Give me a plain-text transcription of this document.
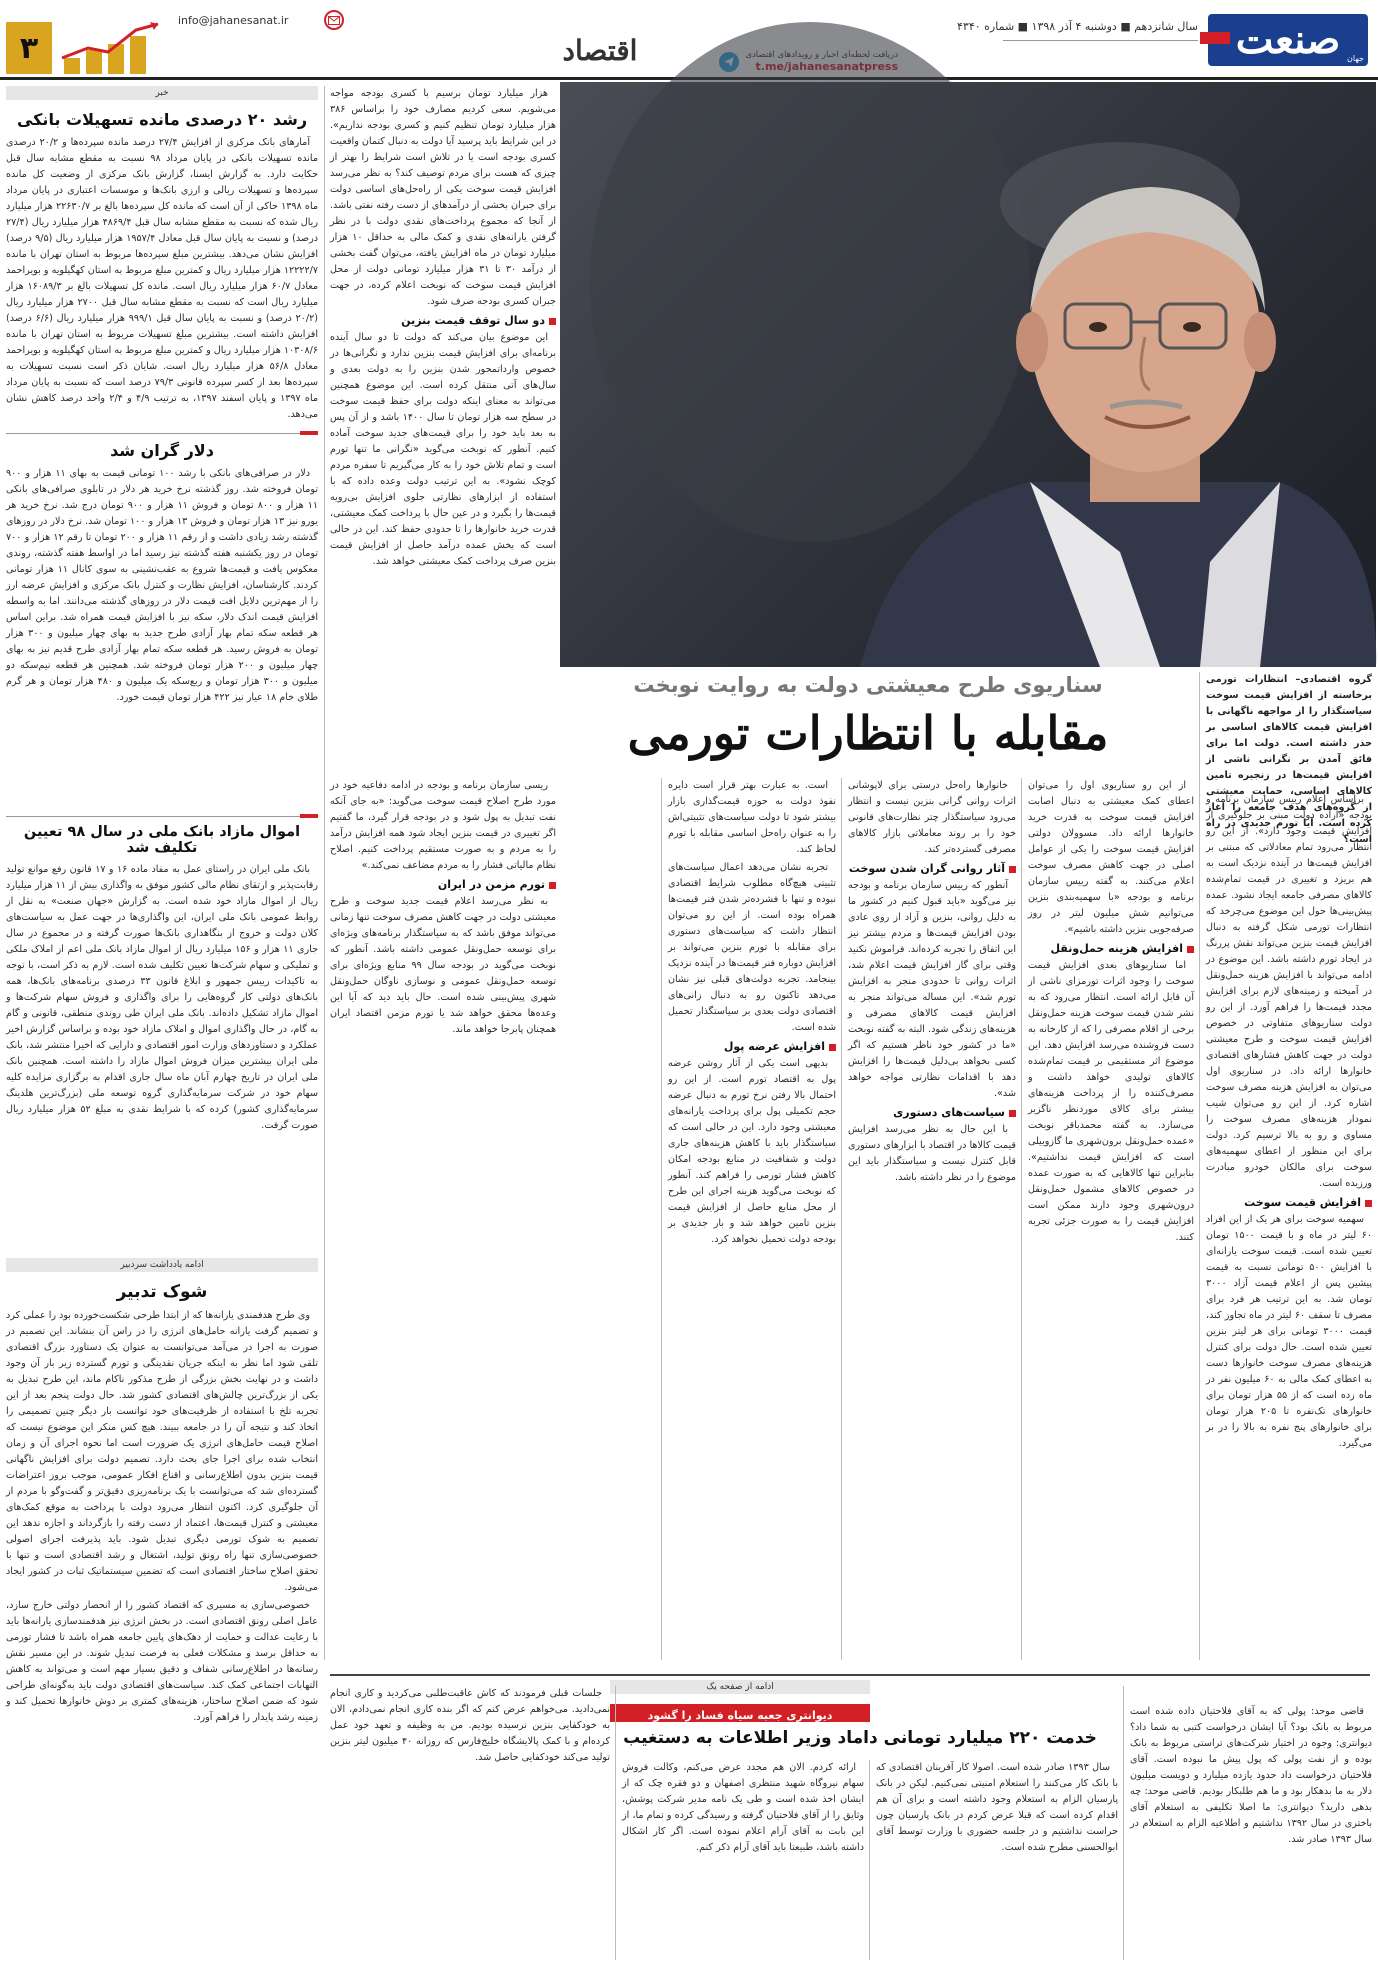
صنعت جهان
سال شانزدهم ■ دوشنبه ۴ آذر ۱۳۹۸ ■ شماره ۴۳۴۰
اقتصاد
info@jahanesanat.ir
۳
سناریوی طرح معیشتی دولت به روایت نوبخت
مقابله با انتظارات تورمی

گروه اقتصادی– انتظارات تورمی برخاسته از افزایش قیمت سوخت سیاستگذار را از مواجهه ناگهانی با افزایش قیمت کالاهای اساسی بر حذر داشته است. دولت اما برای فائق آمدن بر نگرانی ناشی از افزایش قیمت‌ها در زنجیره تامین کالاهای اساسی، حمایت معیشتی از گروه‌های هدف جامعه را آغاز کرده است. آیا تورم جدیدی در راه است؟

براساس اعلام رییس سازمان برنامه و بودجه «اراده دولت مبنی بر جلوگیری از افزایش قیمت وجود دارد». از این رو انتظار می‌رود تمام معادلاتی که مبتنی بر افزایش قیمت‌ها در آینده نزدیک است به هم بریزد و تغییری در قیمت تمام‌شده کالاهای مصرفی جامعه ایجاد نشود. عمده پیش‌بینی‌ها حول این موضوع می‌چرخد که انتظارات تورمی شکل گرفته به دنبال افزایش قیمت بنزین می‌تواند نقش پررنگ در ایجاد تورم داشته باشد. این موضوع در ادامه می‌تواند با افزایش هزینه حمل‌ونقل در آمیخته و زمینه‌های لازم برای افزایش مجدد قیمت‌ها را فراهم آورد. از این رو دولت سناریوهای متفاوتی در خصوص افزایش قیمت سوخت و طرح معیشتی دولت در جهت کاهش فشارهای اقتصادی خانوارها ارائه داد. در سناریوی اول می‌توان به افزایش هزینه مصرف سوخت اشاره کرد. از این رو می‌توان شیب نمودار هزینه‌های مصرف سوخت را مساوی و رو به بالا ترسیم کرد. دولت برای این منظور از اعطای سهمیه‌های سوخت برای مالکان خودرو مبادرت ورزیده است.

افزایش قیمت سوخت

سهمیه سوخت برای هر یک از این افراد ۶۰ لیتر در ماه و با قیمت ۱۵۰۰ تومان تعیین شده است. قیمت سوخت یارانه‌ای با افزایش ۵۰۰ تومانی نسبت به قیمت پیشین پس از اعلام قیمت آزاد ۳۰۰۰ تومان شد. به این ترتیب هر فرد برای مصرف تا سقف ۶۰ لیتر در ماه تجاوز کند، قیمت ۳۰۰۰ تومانی برای هر لیتر بنزین تعیین شده است. حال دولت برای کنترل هزینه‌های مصرف سوخت خانوارها دست به اعطای کمک مالی به ۶۰ میلیون نفر در ماه زده است که از ۵۵ هزار تومان برای خانوارهای تک‌نفره تا ۲۰۵ هزار تومان برای خانوارهای پنج نفره به بالا را در بر می‌گیرد.

از این رو سناریوی اول را می‌توان اعطای کمک معیشتی به دنبال اصابت افزایش قیمت سوخت به قدرت خرید خانوارها ارائه داد. مسوولان دولتی افزایش قیمت سوخت را یکی از عوامل اصلی در جهت کاهش مصرف سوخت اعلام می‌کنند. به گفته رییس سازمان برنامه و بودجه «با سهمیه‌بندی بنزین می‌توانیم شش میلیون لیتر در روز صرفه‌جویی بنزین داشته باشیم».

افزایش هزینه حمل‌ونقل

اما سناریوهای بعدی افزایش قیمت سوخت را وجود اثرات تورمزای ناشی از آن قابل ارائه است. انتظار می‌رود که به نشر شدن قیمت سوخت هزینه حمل‌ونقل برخی از اقلام مصرفی را که از کارخانه به دست فروشنده می‌رسد افزایش دهد. این موضوع اثر مستقیمی بر قیمت تمام‌شده کالاهای تولیدی خواهد داشت و مصرف‌کننده را از پرداخت هزینه‌های بیشتر برای کالای موردنظر ناگزیر می‌سازد. به گفته محمدباقر نوبخت «عمده حمل‌ونقل برون‌شهری ما گازوییلی است که افزایش قیمت نداشتیم». بنابراین تنها کالاهایی که به صورت عمده در خصوص کالاهای مشمول حمل‌ونقل درون‌شهری وجود دارند ممکن است افزایش قیمت را به صورت جزئی تجربه کنند.

خانوارها راه‌حل درستی برای لاپوشانی اثرات روانی گرانی بنزین نیست و انتظار می‌رود سیاستگذار چتر نظارت‌های قانونی خود را بر روند معاملاتی بازار کالاهای مصرفی گسترده‌تر کند.

آثار روانی گران شدن سوخت

آنطور که رییس سازمان برنامه و بودجه نیز می‌گوید «باید قبول کنیم در کشور ما به دلیل روانی، بنزین و آزاد از روی عادی بودن افزایش قیمت‌ها و مردم بیشتر نیز این اتفاق را تجربه کرده‌اند. فراموش نکنید وقتی برای گاز افزایش قیمت اعلام شد، اثرات روانی تا حدودی منجر به افزایش تورم شد». این مساله می‌تواند منجر به افزایش قیمت کالاهای مصرفی و هزینه‌های زندگی شود. البته به گفته نوبخت «ما در کشور خود ناظر هستیم که اگر کسی بخواهد بی‌دلیل قیمت‌ها را افزایش دهد با اقدامات نظارتی مواجه خواهد شد».

سیاست‌های دستوری

با این حال به نظر می‌رسد افزایش قیمت کالاها در اقتصاد با ابزارهای دستوری قابل کنترل نیست و سیاستگذار باید این موضوع را در نظر داشته باشد.

است. به عبارت بهتر قرار است دایره نفوذ دولت به حوزه قیمت‌گذاری بازار بیشتر شود تا دولت سیاست‌های تثبیتی‌اش را به عنوان راه‌حل اساسی مقابله با تورم لحاظ کند.

تجربه نشان می‌دهد اعمال سیاست‌های تثبیتی هیچ‌گاه مطلوب شرایط اقتصادی نبوده و تنها با فشرده‌تر شدن فنر قیمت‌ها همراه بوده است. از این رو می‌توان انتظار داشت که سیاست‌های دستوری برای مقابله با تورم بنزین می‌تواند بر افزایش دوباره فنر قیمت‌ها در آینده نزدیک بینجامد. تجربه دولت‌های قبلی نیز نشان می‌دهد تاکنون رو به دنبال زانی‌های اقتصادی دولت بعدی بر سیاستگذار تحمیل شده است.

افزایش عرضه پول

بدیهی است یکی از آثار روشن عرضه پول به اقتصاد تورم است. از این رو احتمال بالا رفتن نرخ تورم به دنبال عرضه حجم تکمیلی پول برای پرداخت یارانه‌های معیشتی وجود دارد. این در حالی است که سیاستگذار باید با کاهش هزینه‌های جاری دولت و شفافیت در منابع بودجه امکان کاهش فشار تورمی را فراهم کند. آنطور که نوبخت می‌گوید هزینه اجرای این طرح از محل منابع حاصل از افزایش قیمت بنزین تامین خواهد شد و بار جدیدی بر بودجه دولت تحمیل نخواهد کرد.

ریسی سازمان برنامه و بودجه در ادامه دفاعیه خود در مورد طرح اصلاح قیمت سوخت می‌گوید: «به جای آنکه نفت تبدیل به پول شود و در بودجه قرار گیرد، ما گفتیم اگر تغییری در قیمت بنزین ایجاد شود همه افزایش درآمد را به مردم و به صورت مستقیم پرداخت کنیم. اصلاح نظام مالیاتی فشار را به مردم مضاعف نمی‌کند.»

تورم مزمن در ایران

به نظر می‌رسد اعلام قیمت جدید سوخت و طرح معیشتی دولت در جهت کاهش مصرف سوخت تنها زمانی می‌تواند موفق باشد که به سیاستگذار برنامه‌های ویژه‌ای برای توسعه حمل‌ونقل عمومی داشته باشد. آنطور که نوبخت می‌گوید در بودجه سال ۹۹ منابع ویژه‌ای برای توسعه حمل‌ونقل عمومی و نوسازی ناوگان حمل‌ونقل شهری پیش‌بینی شده است. حال باید دید که آیا این وعده‌ها محقق خواهد شد یا تورم مزمن اقتصاد ایران همچنان پابرجا خواهد ماند.

هزار میلیارد تومان برسیم با کسری بودجه مواجه می‌شویم. سعی کردیم مصارف خود را براساس ۳۸۶ هزار میلیارد تومان تنظیم کنیم و کسری بودجه نداریم». در این شرایط باید پرسید آیا دولت به دنبال کتمان واقعیت کسری بودجه است یا در تلاش است شرایط را بهتر از چیزی که هست برای مردم توصیف کند؟ به نظر می‌رسد افزایش قیمت سوخت یکی از راه‌حل‌های اساسی دولت برای جبران بخشی از درآمدهای از دست رفته نفتی باشد. از آنجا که مجموع پرداخت‌های نقدی دولت با در نظر گرفتن یارانه‌های نقدی و کمک مالی به حداقل ۱۰ هزار میلیارد تومان در ماه افزایش یافته، می‌توان گفت بخشی از درآمد ۳۰ تا ۳۱ هزار میلیارد تومانی دولت از محل افزایش قیمت سوخت که نوبخت اعلام کرده، در جهت جبران کسری بودجه صرف شود.

دو سال توقف قیمت بنزین

این موضوع بیان می‌کند که دولت تا دو سال آینده برنامه‌ای برای افزایش قیمت بنزین ندارد و نگرانی‌ها در خصوص وارداتمحور شدن بنزین را به دولت بعدی و سال‌های آتی منتقل کرده است. این موضوع همچنین می‌تواند به معنای اینکه دولت برای حفظ قیمت سوخت در سطح سه هزار تومان تا سال ۱۴۰۰ باشد و از آن پس به بعد باید خود را برای قیمت‌های جدید سوخت آماده کنیم. آنطور که نوبخت می‌گوید «نگرانی ما تنها تورم است و تمام تلاش خود را به کار می‌گیریم تا سفره مردم کوچک نشود». به این ترتیب دولت وعده داده که با استفاده از ابزارهای نظارتی جلوی افزایش بی‌رویه قیمت‌ها را بگیرد و در عین حال با پرداخت کمک معیشتی، قدرت خرید خانوارها را تا حدودی حفظ کند. این در حالی است که بخش عمده درآمد حاصل از افزایش قیمت بنزین صرف پرداخت کمک معیشتی خواهد شد.

خبر
رشد ۲۰ درصدی مانده تسهیلات بانکی

آمارهای بانک مرکزی از افزایش ۲۷/۴ درصد مانده سپرده‌ها و ۲۰/۲ درصدی مانده تسهیلات بانکی در پایان مرداد ۹۸ نسبت به مقطع مشابه سال قبل حکایت دارد. به گزارش ایسنا، گزارش بانک مرکزی از وضعیت کل مانده سپرده‌ها و تسهیلات ریالی و ارزی بانک‌ها و موسسات اعتباری در پایان مرداد ماه ۱۳۹۸ حاکی از آن است که مانده کل سپرده‌ها بالغ بر ۲۲۶۳۰/۷ هزار میلیارد ریال شده که نسبت به مقطع مشابه سال قبل ۴۸۶۹/۴ هزار میلیارد ریال (۲۷/۴ درصد) و نسبت به پایان سال قبل معادل ۱۹۵۷/۴ هزار میلیارد ریال (۹/۵ درصد) افزایش نشان می‌دهد. بیشترین مبلغ سپرده‌ها مربوط به استان تهران با مانده ۱۲۲۲۲/۷ هزار میلیارد ریال و کمترین مبلغ مربوط به استان کهگیلویه و بویراحمد معادل ۶۰/۷ هزار میلیارد ریال است. مانده کل تسهیلات بالغ بر ۱۶۰۸۹/۳ هزار میلیارد ریال است که نسبت به مقطع مشابه سال قبل ۲۷۰۰ هزار میلیارد ریال (۲۰/۲ درصد) و نسبت به پایان سال قبل ۹۹۹/۱ هزار میلیارد ریال (۶/۶ درصد) افزایش داشته است. بیشترین مبلغ تسهیلات مربوط به استان تهران با مانده ۱۰۳۰۸/۶ هزار میلیارد ریال و کمترین مبلغ مربوط به استان کهگیلویه و بویراحمد معادل ۵۶/۸ هزار میلیارد ریال است. شایان ذکر است نسبت تسهیلات به سپرده‌ها بعد از کسر سپرده قانونی ۷۹/۳ درصد است که نسبت به پایان مرداد ماه ۱۳۹۷ و پایان اسفند ۱۳۹۷، به ترتیب ۴/۹ و ۲/۴ واحد درصد کاهش نشان می‌دهد.

دلار گران شد

دلار در صرافی‌های بانکی با رشد ۱۰۰ تومانی قیمت به بهای ۱۱ هزار و ۹۰۰ تومان فروخته شد. روز گذشته نرخ خرید هر دلار در تابلوی صرافی‌های بانکی ۱۱ هزار و ۸۰۰ تومان و فروش ۱۱ هزار و ۹۰۰ تومان درج شد. نرخ خرید هر یورو نیز ۱۳ هزار تومان و فروش ۱۳ هزار و ۱۰۰ تومان شد. نرخ دلار در روزهای گذشته رشد زیادی داشت و از رقم ۱۱ هزار و ۲۰۰ تومان تا رقم ۱۲ هزار و ۷۰۰ تومان در روز یکشنبه هفته گذشته نیز رسید اما در اواسط هفته گذشته، روندی معکوس یافت و قیمت‌ها شروع به عقب‌نشینی به سوی کانال ۱۱ هزار تومانی کردند. کارشناسان، افزایش نظارت و کنترل بانک مرکزی و افزایش عرضه ارز را از مهم‌ترین دلایل افت قیمت دلار در روزهای گذشته می‌دانند. اما به واسطه افزایش قیمت اندک دلار، سکه نیز با افزایش قیمت همراه شد. براین اساس هر قطعه سکه تمام بهار آزادی طرح جدید به بهای چهار میلیون و ۳۰۰ هزار تومان به فروش رسید. هر قطعه سکه تمام بهار آزادی طرح قدیم نیز به بهای چهار میلیون و ۲۰۰ هزار تومان فروخته شد. همچنین هر قطعه نیم‌سکه دو میلیون و ۳۰۰ هزار تومان و ربع‌سکه یک میلیون و ۴۸۰ هزار تومان و هر گرم طلای خام ۱۸ عیار نیز ۴۲۲ هزار تومان قیمت خورد.

اموال مازاد بانک ملی در سال ۹۸ تعیین تکلیف شد

بانک ملی ایران در راستای عمل به مفاد ماده ۱۶ و ۱۷ قانون رفع موانع تولید رقابت‌پذیر و ارتقای نظام مالی کشور موفق به واگذاری بیش از ۱۱ هزار میلیارد ریال از اموال مازاد خود شده است. به گزارش «جهان صنعت» به نقل از روابط عمومی بانک ملی ایران، این واگذاری‌ها در جهت عمل به سیاست‌های کلان دولت و خروج از بنگاهداری بانک‌ها صورت گرفته و در مجموع در سال جاری ۱۱ هزار و ۱۵۶ میلیارد ریال از اموال مازاد بانک ملی اعم از املاک ملکی و تملیکی و سهام شرکت‌ها تعیین تکلیف شده است. لازم به ذکر است، با توجه به تاکیدات رییس جمهور و ابلاغ قانون ۳۳ درصدی برنامه‌های بانک‌ها، همه بانک‌های دولتی کار گروه‌هایی را برای واگذاری و فروش سهام شرکت‌ها و اموال مازاد تشکیل داده‌اند. بانک ملی ایران طی روندی منطقی، قانونی و گام به گام، در حال واگذاری اموال و املاک مازاد خود بوده و براساس گزارش اخیر عملکرد و دستاوردهای وزارت امور اقتصادی و دارایی که اخیرا منتشر شد، بانک ملی ایران بیشترین میزان فروش اموال مازاد را داشته است. همچنین بانک ملی ایران در تاریخ چهارم آبان ماه سال جاری اقدام به برگزاری مزایده کلیه سهام خود در شرکت سرمایه‌گذاری گروه توسعه ملی (بزرگ‌ترین هلدینگ سرمایه‌گذاری کشور) کرده که با شرایط نقدی به مبلغ ۵۲ هزار میلیارد ریال صورت گرفت.

ادامه یادداشت سردبیر
شوک تدبیر

وی طرح هدفمندی یارانه‌ها که از ابتدا طرحی شکست‌خورده بود را عملی کرد و تصمیم گرفت یارانه حامل‌های انرژی را در راس آن بنشاند. این تصمیم در صورت به اجرا در می‌آمد می‌توانست به عنوان یک دستاورد بزرگ اقتصادی تلقی شود اما نظر به اینکه جریان نقدینگی و تورم گسترده زیر بار آن وجود داشت و در نهایت بخش بزرگی از طرح مذکور ناکام ماند، این طرح تبدیل به یکی از بزرگ‌ترین چالش‌های اقتصادی کشور شد. حال دولت پنجم بعد از این تجربه تلخ با استفاده از ظرفیت‌های خود توانست بار دیگر چنین تصمیمی را اتخاذ کند و نتیجه آن را در جامعه ببیند. هیچ کس منکر این موضوع نیست که اصلاح قیمت حامل‌های انرژی یک ضرورت است اما نحوه اجرای آن و زمان انتخاب شده برای اجرا جای بحث دارد. تصمیم دولت برای افزایش ناگهانی قیمت بنزین بدون اطلاع‌رسانی و اقناع افکار عمومی، موجب بروز اعتراضات گسترده‌ای شد که می‌توانست با یک برنامه‌ریزی دقیق‌تر و گفت‌وگو با مردم از آن جلوگیری کرد. اکنون انتظار می‌رود دولت با پرداخت به موقع کمک‌های معیشتی و کنترل قیمت‌ها، اعتماد از دست رفته را بازگرداند و اجازه ندهد این تصمیم به شوک تورمی دیگری تبدیل شود. باید پذیرفت اجرای اصولی خصوصی‌سازی تنها راه رونق تولید، اشتغال و رشد اقتصادی است و تنها با تحقق اصلاح ساختار اقتصادی است که تضمین سیستماتیک ثبات در کشور ایجاد می‌شود.

خصوصی‌سازی به مسیری که اقتصاد کشور را از انحصار دولتی خارج سازد، عامل اصلی رونق اقتصادی است. در بخش انرژی نیز هدفمندسازی یارانه‌ها باید با رعایت عدالت و حمایت از دهک‌های پایین جامعه همراه باشد تا فشار تورمی به حداقل برسد و مشکلات فعلی به فرصت تبدیل شوند. در این مسیر نقش رسانه‌ها در اطلاع‌رسانی شفاف و دقیق بسیار مهم است و می‌تواند به کاهش التهابات اجتماعی کمک کند. سیاست‌های اقتصادی دولت باید به‌گونه‌ای طراحی شود که ضمن اصلاح ساختار، هزینه‌های کمتری بر دوش خانوارها تحمیل کند و زمینه رشد پایدار را فراهم آورد.

ادامه از صفحه یک
دیوانتری جعبه سیاه فساد را گشود
خدمت ۲۲۰ میلیارد تومانی داماد وزیر اطلاعات به دستغیب

قاضی موحد: پولی که به آقای فلاحتیان داده شده است مربوط به بانک بود؟ آیا ایشان درخواست کتبی به شما داد؟ دیوانتری: وجوه در اختیار شرکت‌های تراستی مربوط به بانک بوده و از نفت پولی که پول پیش ما نبوده است. آقای فلاحتیان درخواست داد حدود یازده میلیارد و دویست میلیون دلار به ما بدهکار بود و ما هم طلبکار بودیم. قاضی موحد: چه بدهی دارید؟ دیوانتری: ما اصلا تکلیفی به استعلام آقای باختری در سال ۱۳۹۲ نداشتیم و اطلاعیه الزام به استعلام در سال ۱۳۹۳ صادر شد.

سال ۱۳۹۳ صادر شده است. اصولا کار آفرینان اقتصادی که با بانک کار می‌کنند را استعلام امنیتی نمی‌کنیم. لیکن در بانک پارسیان الزام به استعلام وجود داشته است و برای آن هم اقدام کرده است که قبلا عرض کردم در بانک پارسیان چون حراست نداشتیم و در جلسه حضوری با وزارت توسط آقای ابوالحسنی مطرح شده است.

ارائه کردم. الان هم مجدد عرض می‌کنم، وکالت فروش سهام نیروگاه شهید منتظری اصفهان و دو فقره چک که از ایشان اخذ شده است و طی یک نامه مدیر شرکت پوشش، وثایق را از آقای فلاحتیان گرفته و رسیدگی کرده و تمام ما، از این بابت به آقای آرام اعلام نموده است. اگر کار اشکال داشته باشد، طبیعتا باید آقای آرام ذکر کنم.

جلسات قبلی فرمودند که کاش عاقبت‌طلبی می‌کردید و کاری انجام نمی‌دادید. می‌خواهم عرض کنم که اگر بنده کاری انجام نمی‌دادم، الان به خودکفایی بنزین نرسیده بودیم. من به وظیفه و تعهد خود عمل کرده‌ام و با کمک پالایشگاه خلیج‌فارس که روزانه ۴۰ میلیون لیتر بنزین تولید می‌کند خودکفایی حاصل شد.
